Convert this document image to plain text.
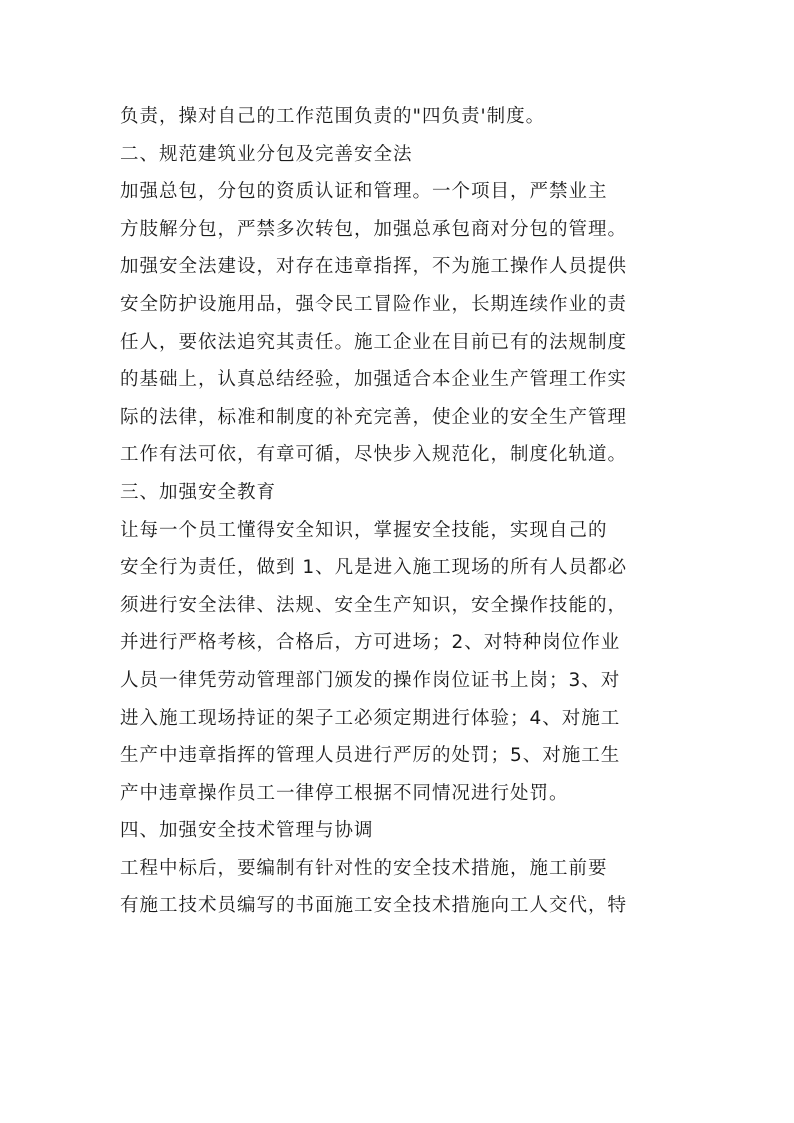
负责，操对自己的工作范围负责的"四负责'制度。
二、规范建筑业分包及完善安全法
加强总包，分包的资质认证和管理。一个项目，严禁业主
方肢解分包，严禁多次转包，加强总承包商对分包的管理。
加强安全法建设，对存在违章指挥，不为施工操作人员提供
安全防护设施用品，强令民工冒险作业，长期连续作业的责
任人，要依法追究其责任。施工企业在目前已有的法规制度
的基础上，认真总结经验，加强适合本企业生产管理工作实
际的法律，标准和制度的补充完善，使企业的安全生产管理
工作有法可依，有章可循，尽快步入规范化，制度化轨道。
三、加强安全教育
让每一个员工懂得安全知识，掌握安全技能，实现自己的
安全行为责任，做到 1、凡是进入施工现场的所有人员都必
须进行安全法律、法规、安全生产知识，安全操作技能的，
并进行严格考核，合格后，方可进场；2、对特种岗位作业
人员一律凭劳动管理部门颁发的操作岗位证书上岗；3、对
进入施工现场持证的架子工必须定期进行体验；4、对施工
生产中违章指挥的管理人员进行严厉的处罚；5、对施工生
产中违章操作员工一律停工根据不同情况进行处罚。
四、加强安全技术管理与协调
工程中标后，要编制有针对性的安全技术措施，施工前要
有施工技术员编写的书面施工安全技术措施向工人交代，特
